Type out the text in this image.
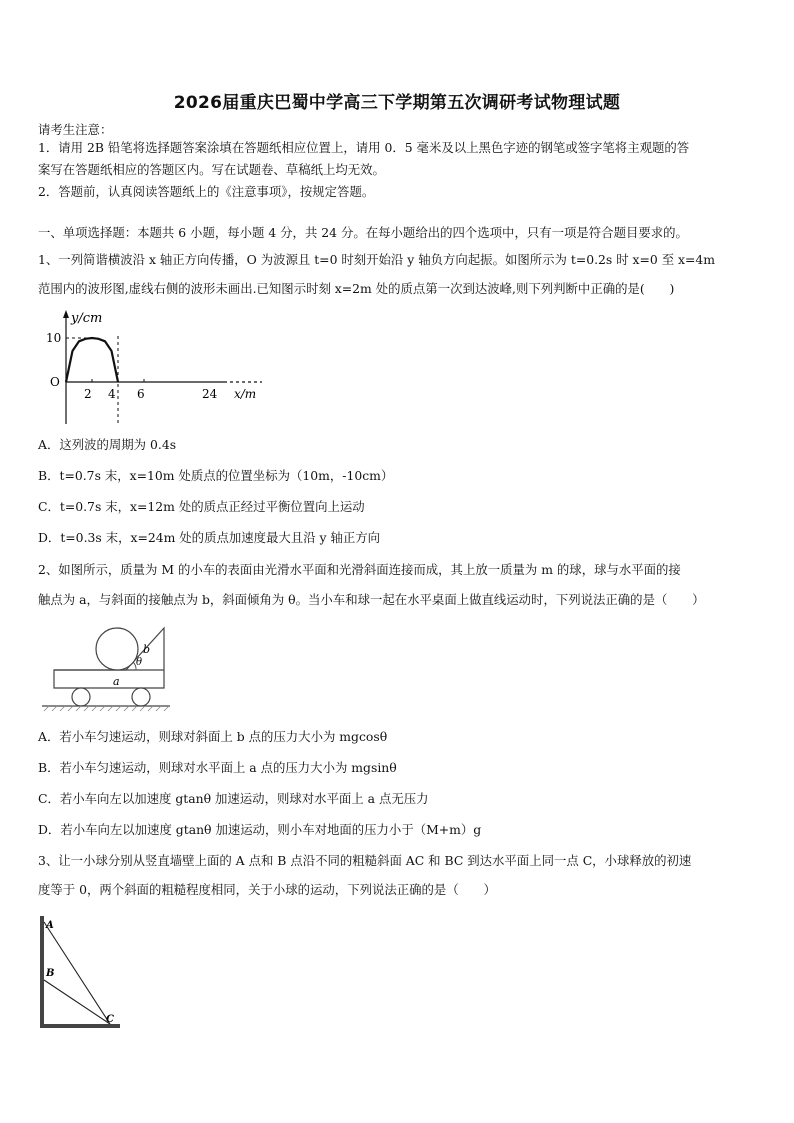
2026届重庆巴蜀中学高三下学期第五次调研考试物理试题
请考生注意：
1．请用 2B 铅笔将选择题答案涂填在答题纸相应位置上，请用 0．5 毫米及以上黑色字迹的钢笔或签字笔将主观题的答
案写在答题纸相应的答题区内。写在试题卷、草稿纸上均无效。
2．答题前，认真阅读答题纸上的《注意事项》，按规定答题。
一、单项选择题：本题共 6 小题，每小题 4 分，共 24 分。在每小题给出的四个选项中，只有一项是符合题目要求的。
1、一列简谐横波沿 x 轴正方向传播，O 为波源且 t=0 时刻开始沿 y 轴负方向起振。如图所示为 t=0.2s 时 x=0 至 x=4m
范围内的波形图,虚线右侧的波形未画出.已知图示时刻 x=2m 处的质点第一次到达波峰,则下列判断中正确的是(　　)
y/cm
10
O
2 4 6	24 x/m
A．这列波的周期为 0.4s
B．t=0.7s 末，x=10m 处质点的位置坐标为（10m，-10cm）
C．t=0.7s 末，x=12m 处的质点正经过平衡位置向上运动
D．t=0.3s 末，x=24m 处的质点加速度最大且沿 y 轴正方向
2、如图所示，质量为 M 的小车的表面由光滑水平面和光滑斜面连接而成，其上放一质量为 m 的球，球与水平面的接
触点为 a，与斜面的接触点为 b，斜面倾角为 θ。当小车和球一起在水平桌面上做直线运动时，下列说法正确的是（　　）
a
b
θ
A．若小车匀速运动，则球对斜面上 b 点的压力大小为 mgcosθ
B．若小车匀速运动，则球对水平面上 a 点的压力大小为 mgsinθ
C．若小车向左以加速度 gtanθ 加速运动，则球对水平面上 a 点无压力
D．若小车向左以加速度 gtanθ 加速运动，则小车对地面的压力小于（M+m）g
3、让一小球分别从竖直墙壁上面的 A 点和 B 点沿不同的粗糙斜面 AC 和 BC 到达水平面上同一点 C，小球释放的初速
度等于 0，两个斜面的粗糙程度相同，关于小球的运动，下列说法正确的是（　　）
A
B
C
